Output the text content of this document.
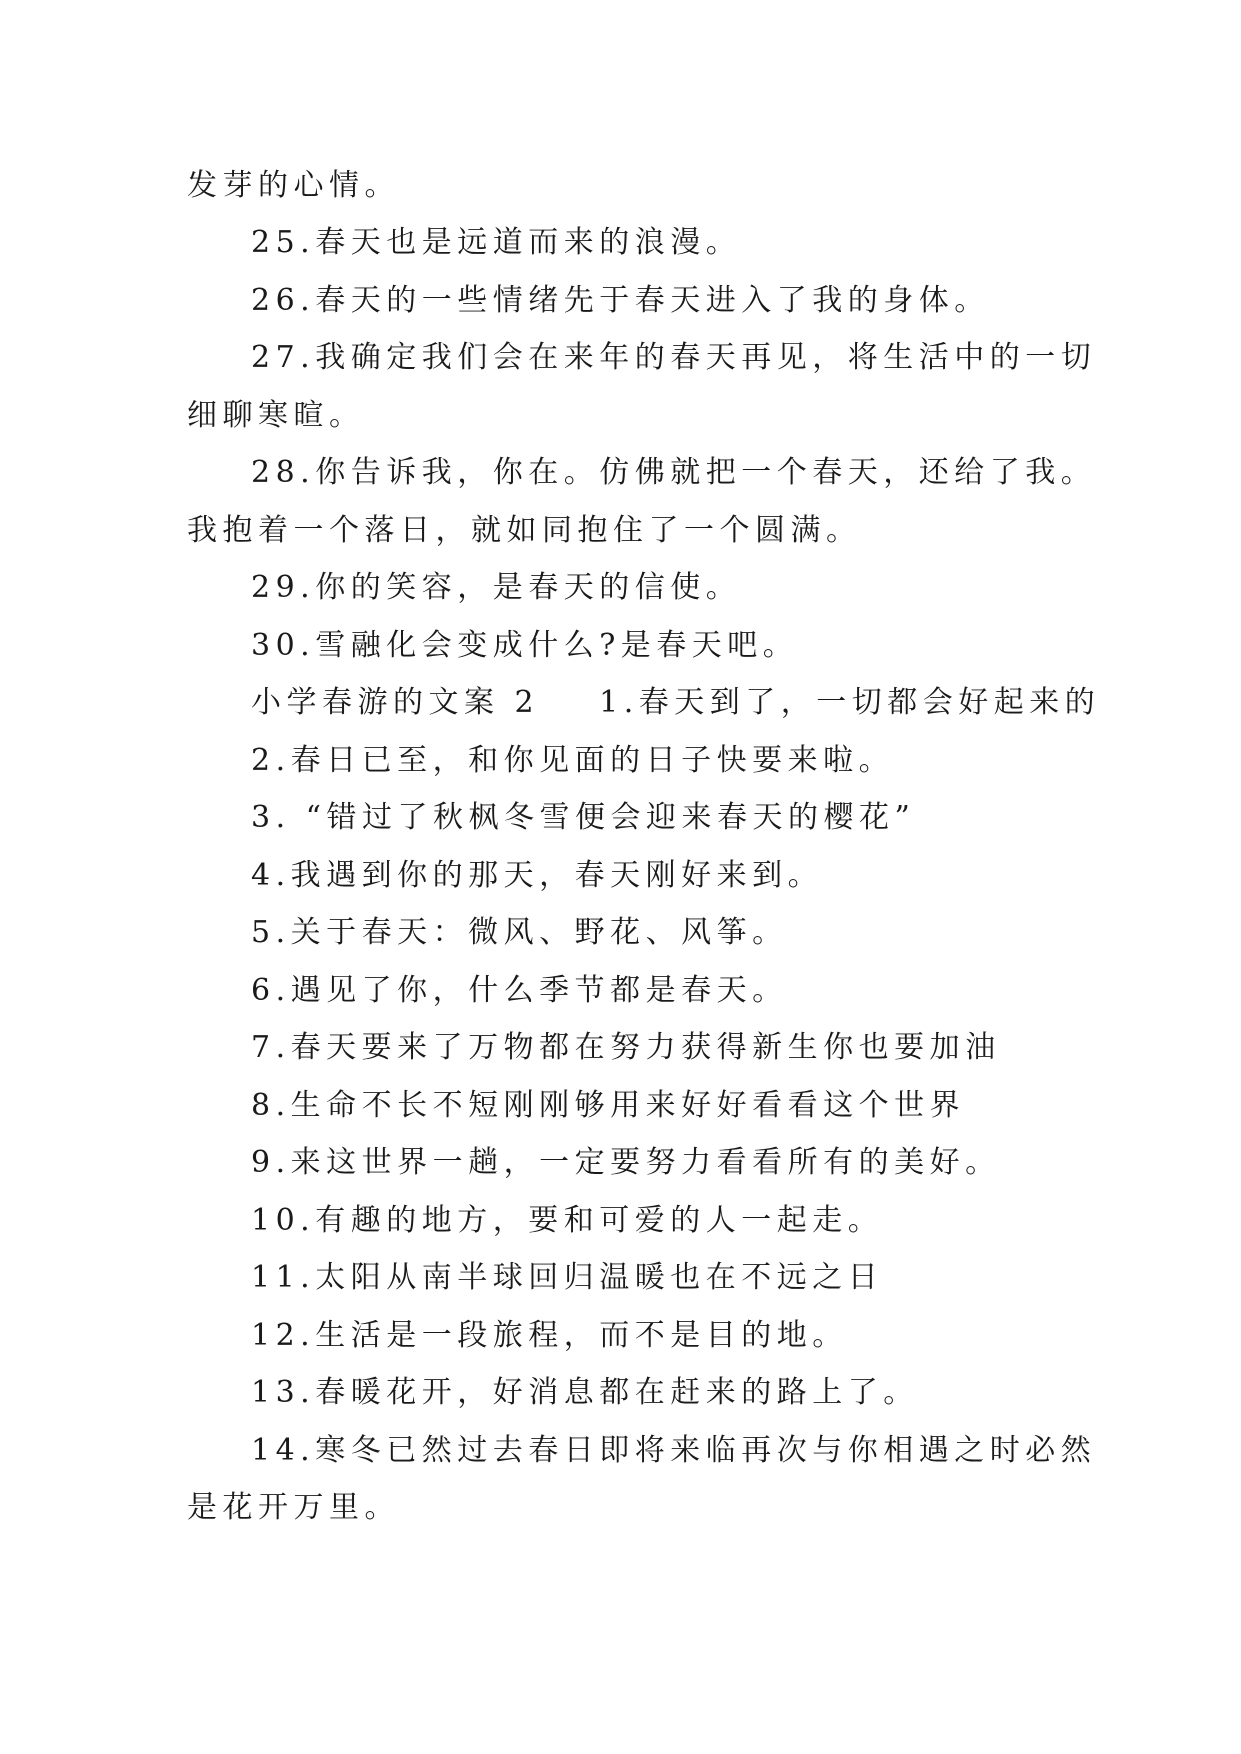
发芽的心情。
25.春天也是远道而来的浪漫。
26.春天的一些情绪先于春天进入了我的身体。
27.我确定我们会在来年的春天再见，将生活中的一切
细聊寒暄。
28.你告诉我，你在。仿佛就把一个春天，还给了我。
我抱着一个落日，就如同抱住了一个圆满。
29.你的笑容，是春天的信使。
30.雪融化会变成什么?是春天吧。
小学春游的文案 2 1.春天到了，一切都会好起来的
2.春日已至，和你见面的日子快要来啦。
3. “错过了秋枫冬雪便会迎来春天的樱花”
4.我遇到你的那天，春天刚好来到。
5.关于春天：微风、野花、风筝。
6.遇见了你，什么季节都是春天。
7.春天要来了万物都在努力获得新生你也要加油
8.生命不长不短刚刚够用来好好看看这个世界
9.来这世界一趟，一定要努力看看所有的美好。
10.有趣的地方，要和可爱的人一起走。
11.太阳从南半球回归温暖也在不远之日
12.生活是一段旅程，而不是目的地。
13.春暖花开，好消息都在赶来的路上了。
14.寒冬已然过去春日即将来临再次与你相遇之时必然
是花开万里。
